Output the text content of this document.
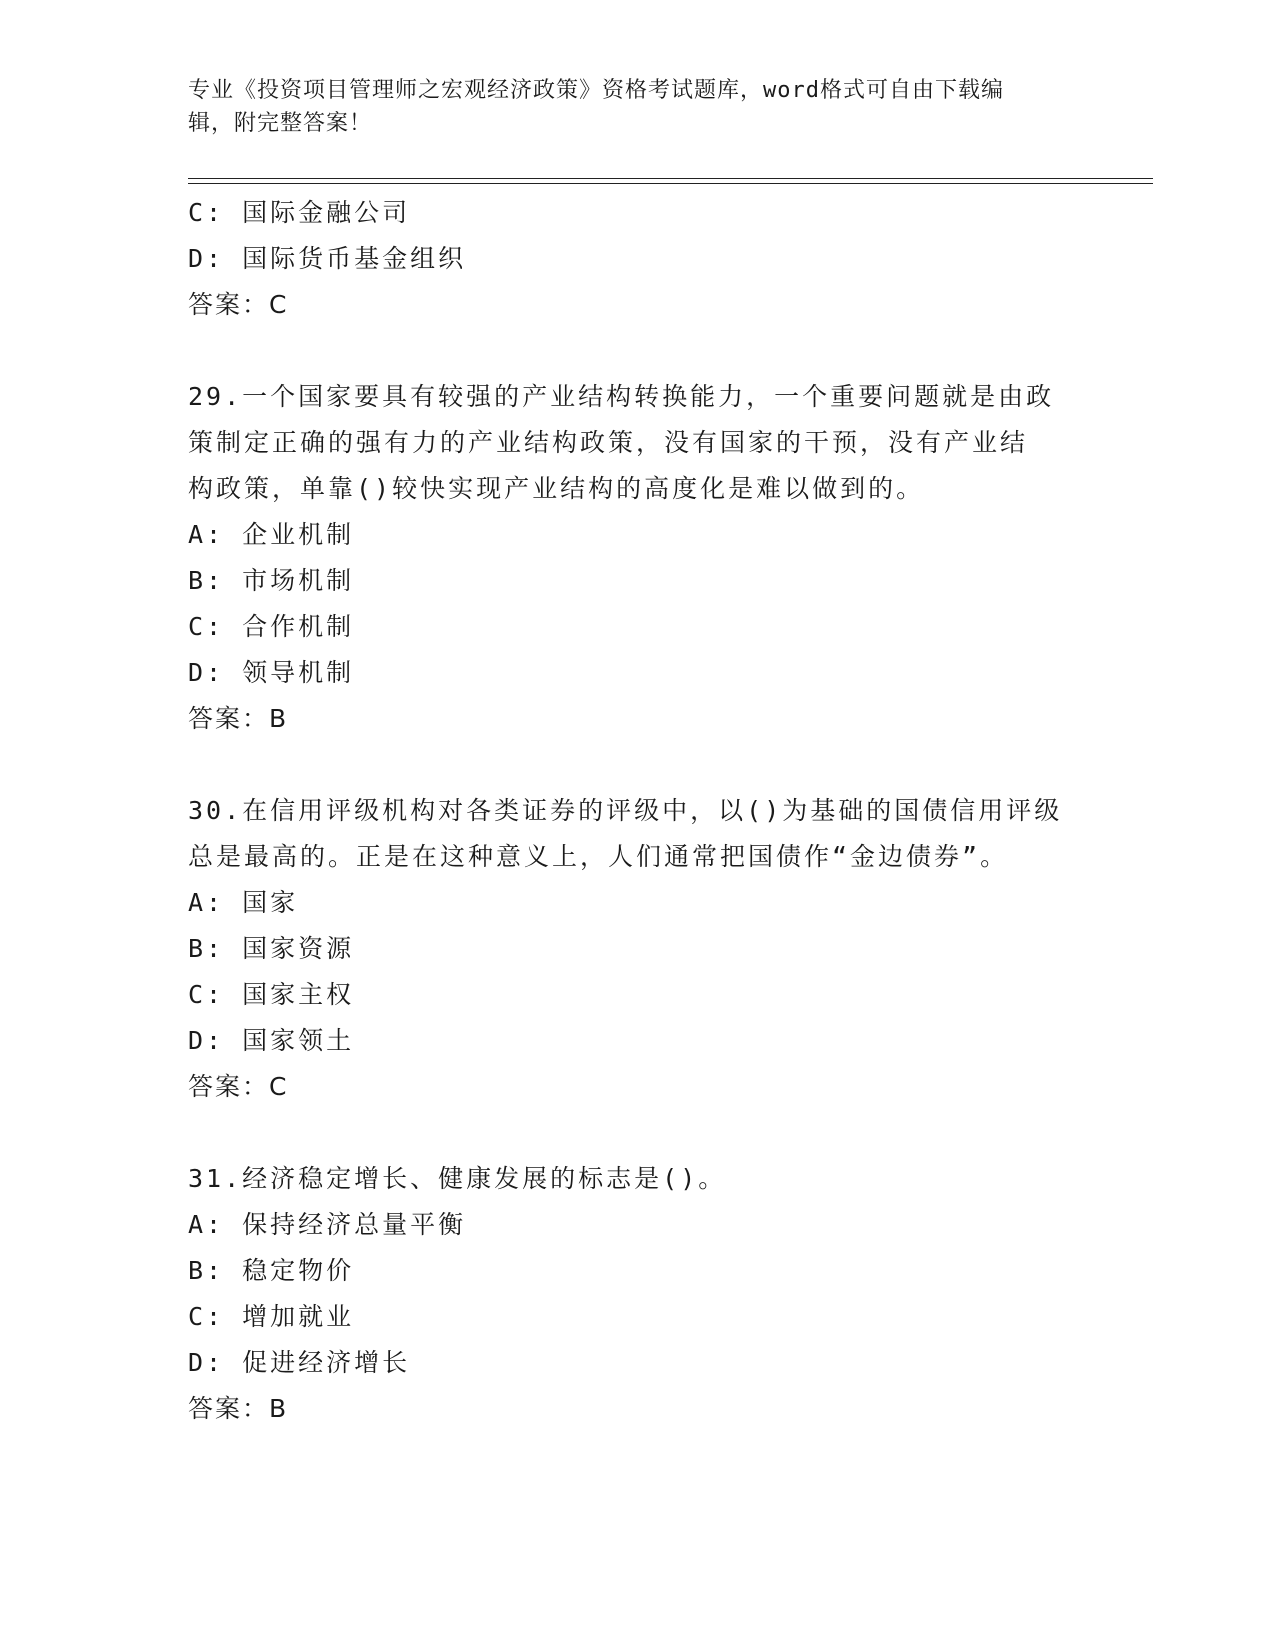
专业《投资项目管理师之宏观经济政策》资格考试题库，word格式可自由下载编
辑，附完整答案！
C: 国际金融公司
D: 国际货币基金组织
答案：C
29.一个国家要具有较强的产业结构转换能力，一个重要问题就是由政
策制定正确的强有力的产业结构政策，没有国家的干预，没有产业结
构政策，单靠()较快实现产业结构的高度化是难以做到的。
A: 企业机制
B: 市场机制
C: 合作机制
D: 领导机制
答案：B
30.在信用评级机构对各类证券的评级中，以()为基础的国债信用评级
总是最高的。正是在这种意义上，人们通常把国债作“金边债券”。
A: 国家
B: 国家资源
C: 国家主权
D: 国家领土
答案：C
31.经济稳定增长、健康发展的标志是()。
A: 保持经济总量平衡
B: 稳定物价
C: 增加就业
D: 促进经济增长
答案：B
